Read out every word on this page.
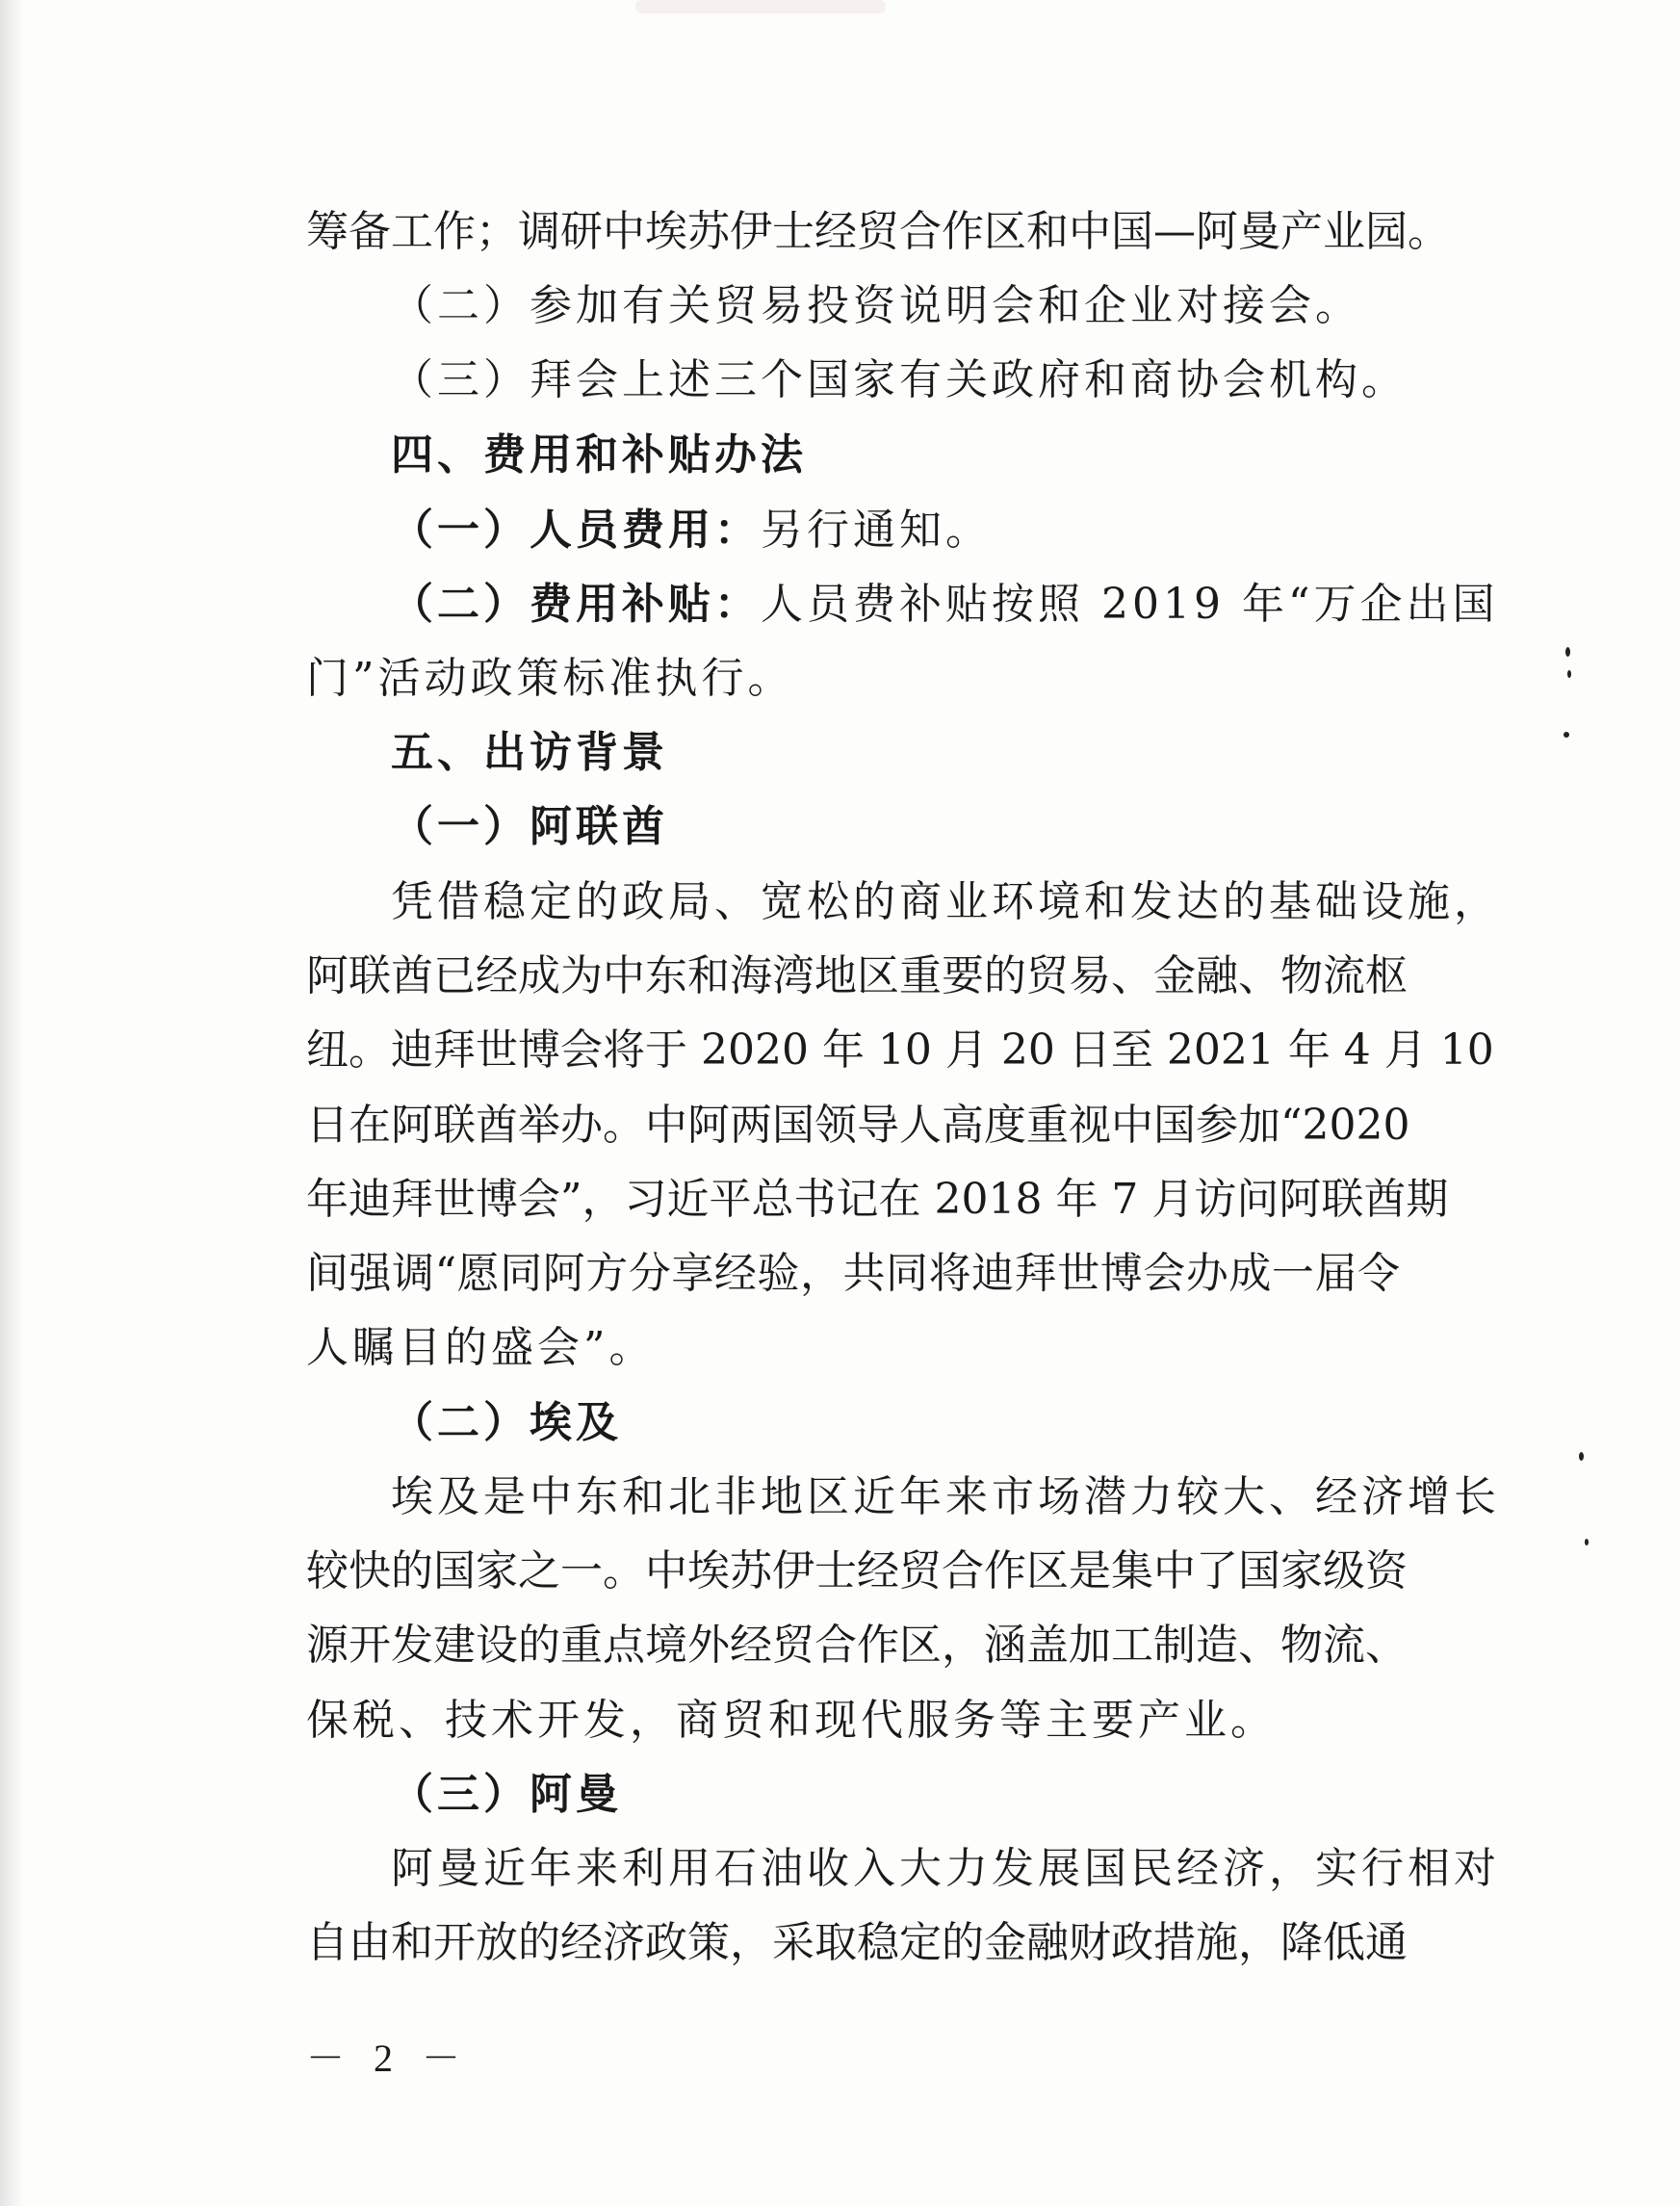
筹备工作；调研中埃苏伊士经贸合作区和中国—阿曼产业园。
（二）参加有关贸易投资说明会和企业对接会。
（三）拜会上述三个国家有关政府和商协会机构。
四、费用和补贴办法
（一）人员费用：另行通知。
（二）费用补贴：人员费补贴按照 2019 年“万企出国
门”活动政策标准执行。
五、出访背景
（一）阿联酋
凭借稳定的政局、宽松的商业环境和发达的基础设施，
阿联酋已经成为中东和海湾地区重要的贸易、金融、物流枢
纽。迪拜世博会将于 2020 年 10 月 20 日至 2021 年 4 月 10
日在阿联酋举办。中阿两国领导人高度重视中国参加“2020
年迪拜世博会”，习近平总书记在 2018 年 7 月访问阿联酋期
间强调“愿同阿方分享经验，共同将迪拜世博会办成一届令
人瞩目的盛会”。
（二）埃及
埃及是中东和北非地区近年来市场潜力较大、经济增长
较快的国家之一。中埃苏伊士经贸合作区是集中了国家级资
源开发建设的重点境外经贸合作区，涵盖加工制造、物流、
保税、技术开发，商贸和现代服务等主要产业。
（三）阿曼
阿曼近年来利用石油收入大力发展国民经济，实行相对
自由和开放的经济政策，采取稳定的金融财政措施，降低通
－ 2 －
